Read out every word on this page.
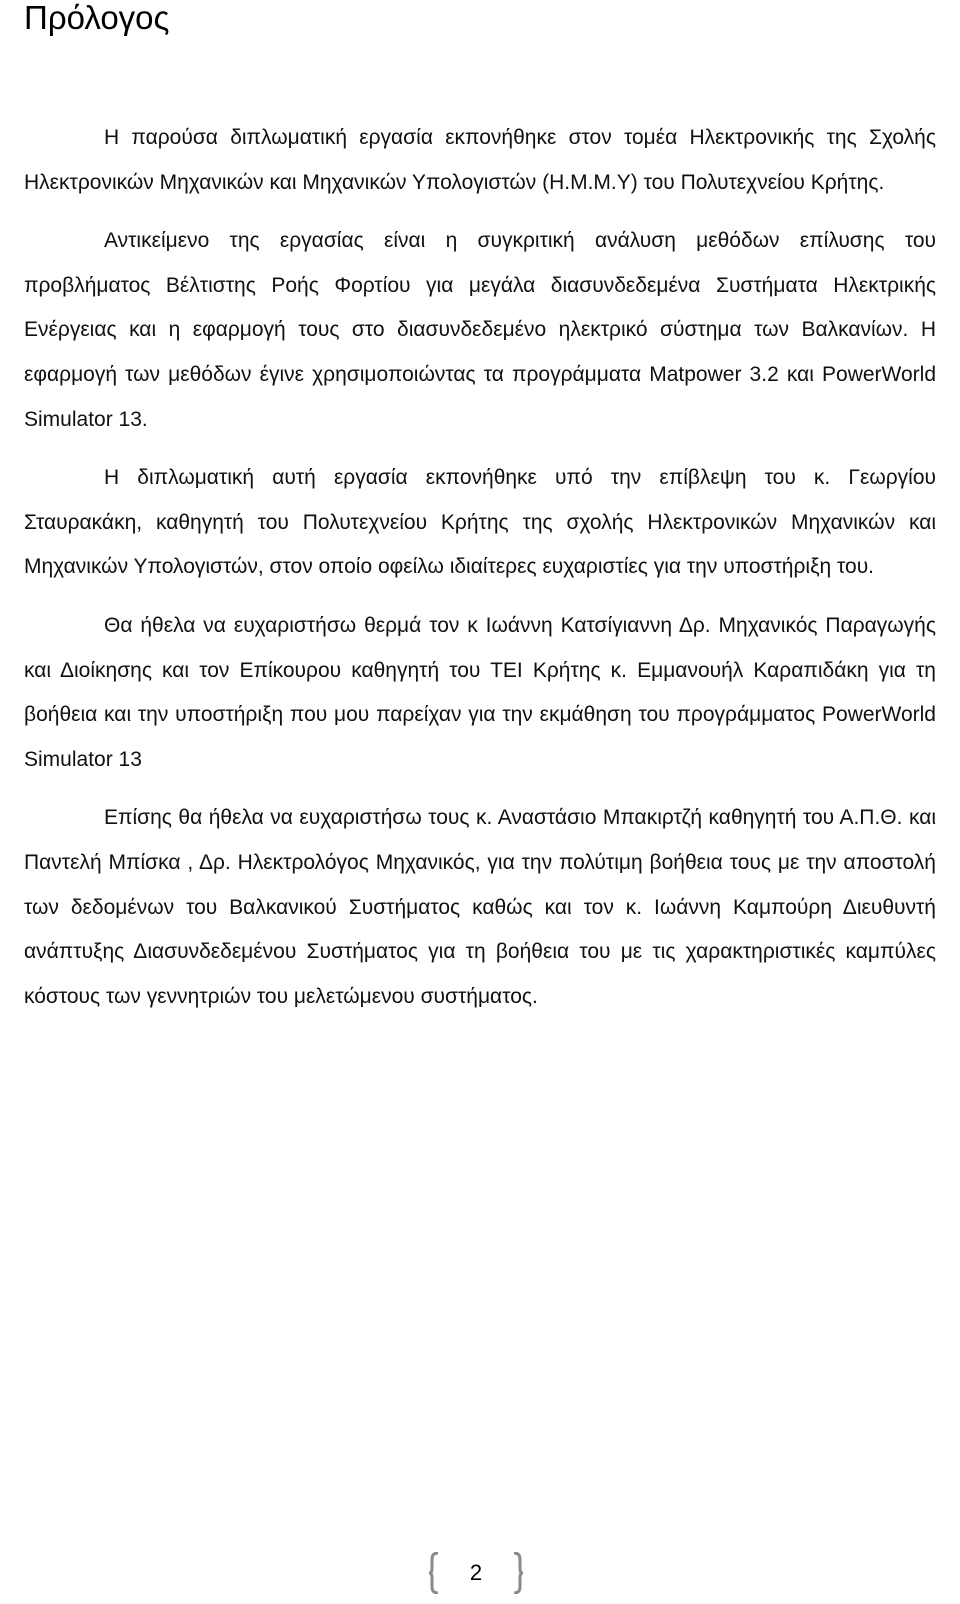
Πρόλογος

Η παρούσα διπλωματική εργασία εκπονήθηκε στον τομέα Ηλεκτρονικής της Σχολής Ηλεκτρονικών Μηχανικών και Μηχανικών Υπολογιστών (Η.Μ.Μ.Υ) του Πολυτεχνείου Κρήτης.

Αντικείμενο της εργασίας είναι η συγκριτική ανάλυση μεθόδων επίλυσης του προβλήματος Βέλτιστης Ροής Φορτίου για μεγάλα διασυνδεδεμένα Συστήματα Ηλεκτρικής Ενέργειας και η εφαρμογή τους στο διασυνδεδεμένο ηλεκτρικό σύστημα των Βαλκανίων. Η εφαρμογή των μεθόδων έγινε χρησιμοποιώντας τα προγράμματα Matpower 3.2 και PowerWorld Simulator 13.

Η διπλωματική αυτή εργασία εκπονήθηκε υπό την επίβλεψη του κ. Γεωργίου Σταυρακάκη, καθηγητή του Πολυτεχνείου Κρήτης της σχολής Ηλεκτρονικών Μηχανικών και Μηχανικών Υπολογιστών, στον οποίο οφείλω ιδιαίτερες ευχαριστίες για την υποστήριξη του.

Θα ήθελα να ευχαριστήσω θερμά τον κ Ιωάννη Κατσίγιαννη Δρ. Μηχανικός Παραγωγής και Διοίκησης και τον Επίκουρου καθηγητή του ΤΕΙ Κρήτης κ. Εμμανουήλ Καραπιδάκη για τη βοήθεια και την υποστήριξη που μου παρείχαν για την εκμάθηση του προγράμματος PowerWorld Simulator 13

Επίσης θα ήθελα να ευχαριστήσω τους κ. Αναστάσιο Μπακιρτζή καθηγητή του Α.Π.Θ. και Παντελή Μπίσκα , Δρ. Ηλεκτρολόγος Μηχανικός, για την πολύτιμη βοήθεια τους με την αποστολή των δεδομένων του Βαλκανικού Συστήματος καθώς και τον κ. Ιωάννη Καμπούρη Διευθυντή ανάπτυξης Διασυνδεδεμένου Συστήματος για τη βοήθεια του με τις χαρακτηριστικές καμπύλες κόστους των γεννητριών του μελετώμενου συστήματος.

2
